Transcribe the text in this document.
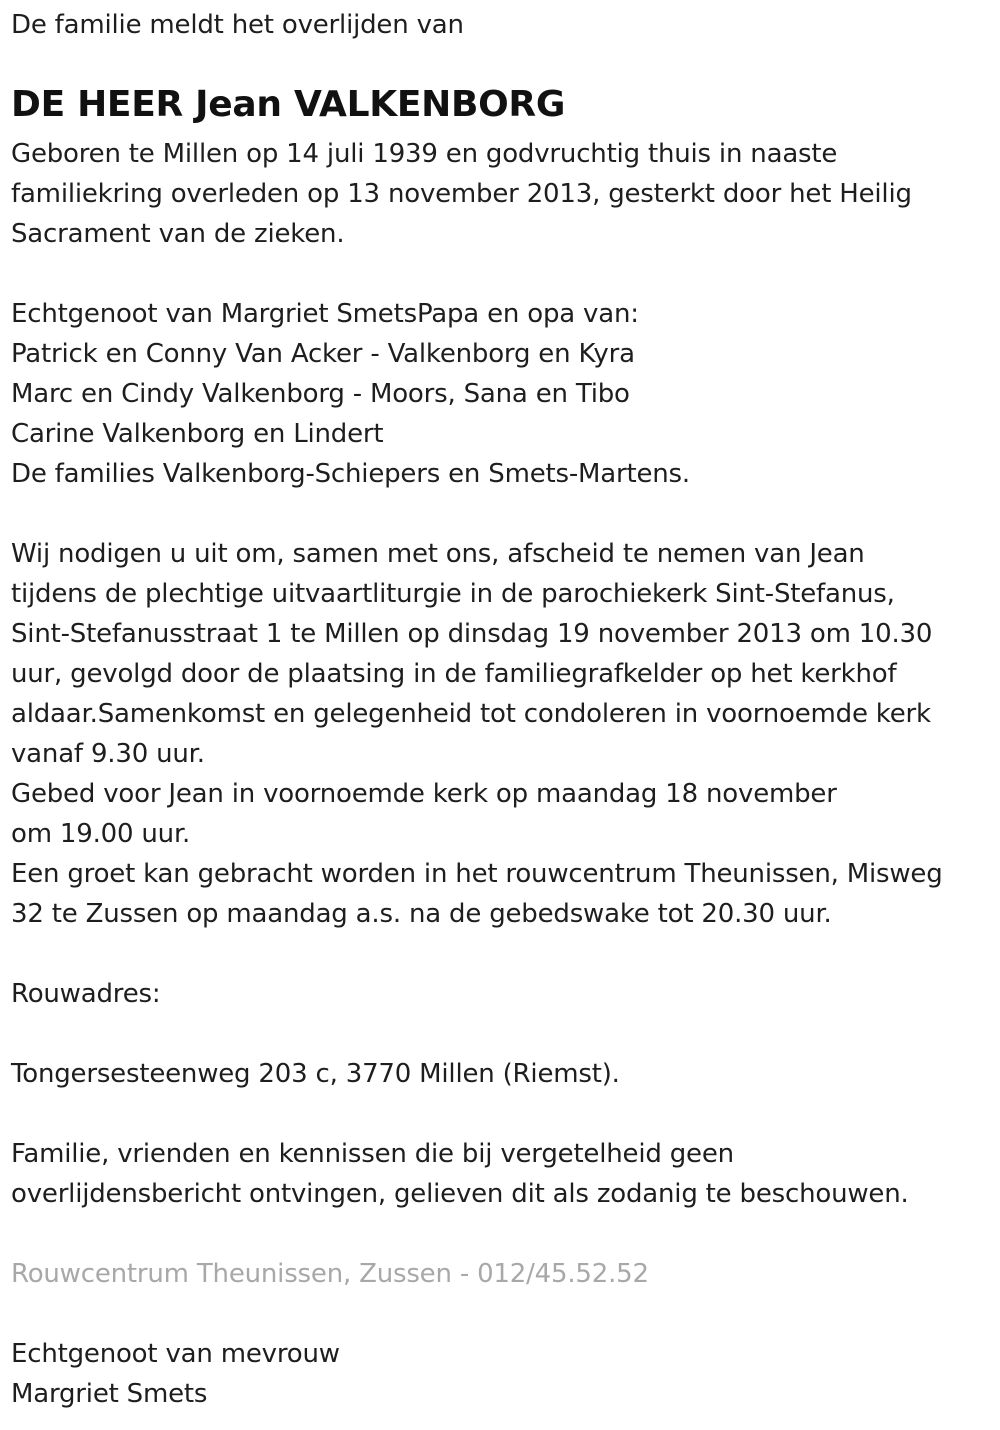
De familie meldt het overlijden van
DE HEER Jean VALKENBORG
Geboren te Millen op 14 juli 1939 en godvruchtig thuis in naaste
familiekring overleden op 13 november 2013, gesterkt door het Heilig
Sacrament van de zieken.
Echtgenoot van Margriet SmetsPapa en opa van:
Patrick en Conny Van Acker - Valkenborg en Kyra
Marc en Cindy Valkenborg - Moors, Sana en Tibo
Carine Valkenborg en Lindert
De families Valkenborg-Schiepers en Smets-Martens.
Wij nodigen u uit om, samen met ons, afscheid te nemen van Jean
tijdens de plechtige uitvaartliturgie in de parochiekerk Sint-Stefanus,
Sint-Stefanusstraat 1 te Millen op dinsdag 19 november 2013 om 10.30
uur, gevolgd door de plaatsing in de familiegrafkelder op het kerkhof
aldaar.Samenkomst en gelegenheid tot condoleren in voornoemde kerk
vanaf 9.30 uur.
Gebed voor Jean in voornoemde kerk op maandag 18 november
om 19.00 uur.
Een groet kan gebracht worden in het rouwcentrum Theunissen, Misweg
32 te Zussen op maandag a.s. na de gebedswake tot 20.30 uur.
Rouwadres:
Tongersesteenweg 203 c, 3770 Millen (Riemst).
Familie, vrienden en kennissen die bij vergetelheid geen
overlijdensbericht ontvingen, gelieven dit als zodanig te beschouwen.
Rouwcentrum Theunissen, Zussen - 012/45.52.52
Echtgenoot van mevrouw
Margriet Smets
